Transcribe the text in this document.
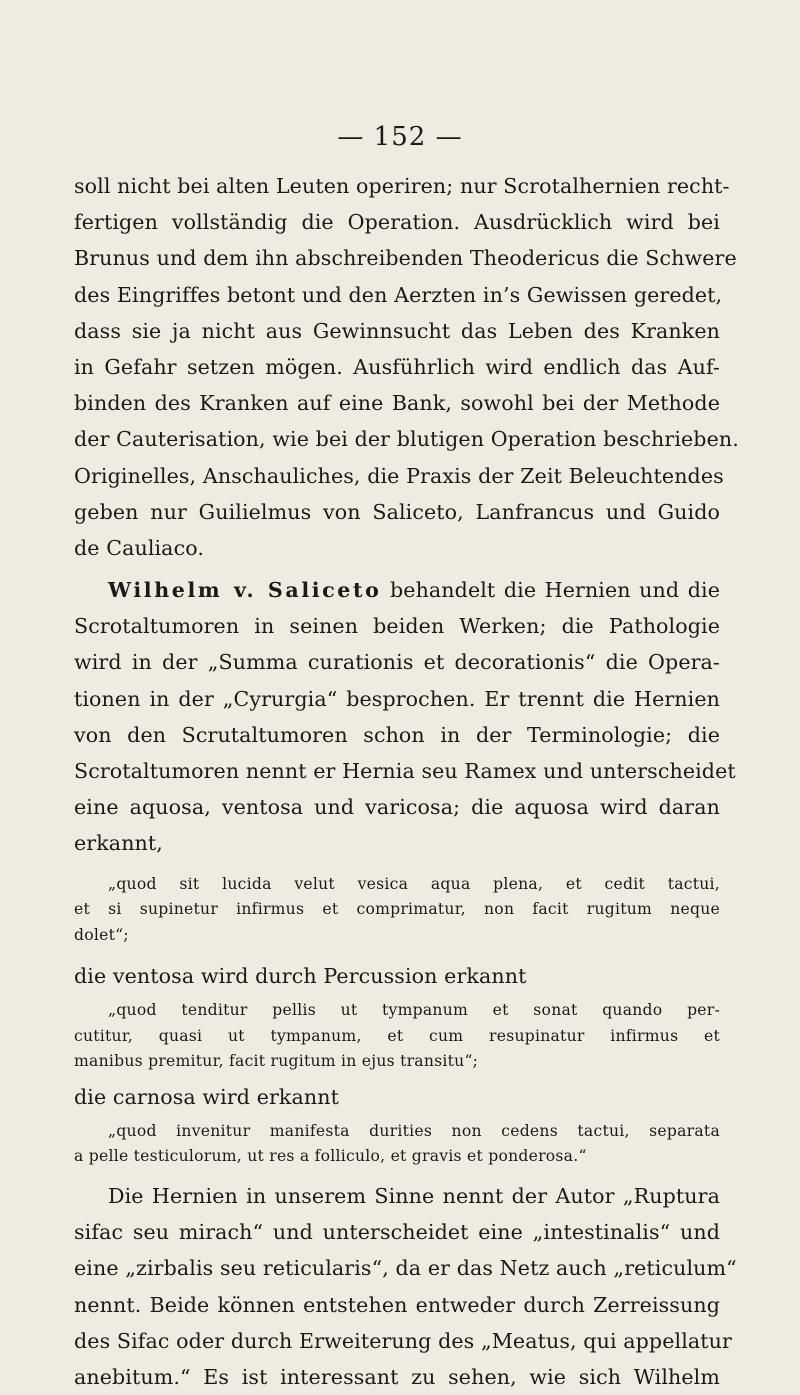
— 152 —
soll nicht bei alten Leuten operiren; nur Scrotalhernien recht-
fertigen vollständig die Operation. Ausdrücklich wird bei
Brunus und dem ihn abschreibenden Theodericus die Schwere
des Eingriffes betont und den Aerzten in’s Gewissen geredet,
dass sie ja nicht aus Gewinnsucht das Leben des Kranken
in Gefahr setzen mögen. Ausführlich wird endlich das Auf-
binden des Kranken auf eine Bank, sowohl bei der Methode
der Cauterisation, wie bei der blutigen Operation beschrieben.
Originelles, Anschauliches, die Praxis der Zeit Beleuchtendes
geben nur Guilielmus von Saliceto, Lanfrancus und Guido
de Cauliaco.
Wilhelm v. Saliceto behandelt die Hernien und die
Scrotaltumoren in seinen beiden Werken; die Pathologie
wird in der „Summa curationis et decorationis“ die Opera-
tionen in der „Cyrurgia“ besprochen. Er trennt die Hernien
von den Scrutaltumoren schon in der Terminologie; die
Scrotaltumoren nennt er Hernia seu Ramex und unterscheidet
eine aquosa, ventosa und varicosa; die aquosa wird daran
erkannt,
„quod sit lucida velut vesica aqua plena, et cedit tactui,
et si supinetur infirmus et comprimatur, non facit rugitum neque
dolet“;
die ventosa wird durch Percussion erkannt
„quod tenditur pellis ut tympanum et sonat quando per-
cutitur, quasi ut tympanum, et cum resupinatur infirmus et
manibus premitur, facit rugitum in ejus transitu“;
die carnosa wird erkannt
„quod invenitur manifesta durities non cedens tactui, separata
a pelle testiculorum, ut res a folliculo, et gravis et ponderosa.“
Die Hernien in unserem Sinne nennt der Autor „Ruptura
sifac seu mirach“ und unterscheidet eine „intestinalis“ und
eine „zirbalis seu reticularis“, da er das Netz auch „reticulum“
nennt. Beide können entstehen entweder durch Zerreissung
des Sifac oder durch Erweiterung des „Meatus, qui appellatur
anebitum.“ Es ist interessant zu sehen, wie sich Wilhelm
